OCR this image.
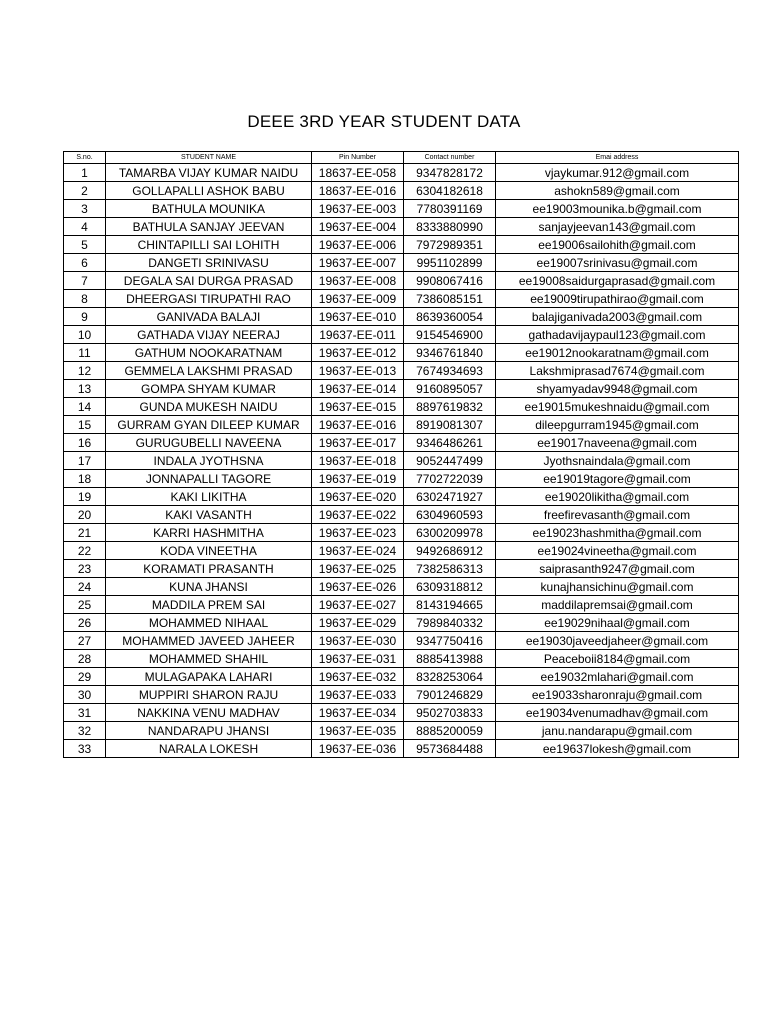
DEEE 3RD YEAR STUDENT DATA
S.no.	STUDENT NAME	Pin Number	Contact number	Emai address
1	TAMARBA VIJAY KUMAR NAIDU	18637-EE-058	9347828172	vjaykumar.912@gmail.com
2	GOLLAPALLI ASHOK BABU	18637-EE-016	6304182618	ashokn589@gmail.com
3	BATHULA MOUNIKA	19637-EE-003	7780391169	ee19003mounika.b@gmail.com
4	BATHULA SANJAY JEEVAN	19637-EE-004	8333880990	sanjayjeevan143@gmail.com
5	CHINTAPILLI SAI LOHITH	19637-EE-006	7972989351	ee19006sailohith@gmail.com
6	DANGETI SRINIVASU	19637-EE-007	9951102899	ee19007srinivasu@gmail.com
7	DEGALA SAI DURGA PRASAD	19637-EE-008	9908067416	ee19008saidurgaprasad@gmail.com
8	DHEERGASI TIRUPATHI RAO	19637-EE-009	7386085151	ee19009tirupathirao@gmail.com
9	GANIVADA BALAJI	19637-EE-010	8639360054	balajiganivada2003@gmail.com
10	GATHADA VIJAY NEERAJ	19637-EE-011	9154546900	gathadavijaypaul123@gmail.com
11	GATHUM NOOKARATNAM	19637-EE-012	9346761840	ee19012nookaratnam@gmail.com
12	GEMMELA LAKSHMI PRASAD	19637-EE-013	7674934693	Lakshmiprasad7674@gmail.com
13	GOMPA SHYAM KUMAR	19637-EE-014	9160895057	shyamyadav9948@gmail.com
14	GUNDA MUKESH NAIDU	19637-EE-015	8897619832	ee19015mukeshnaidu@gmail.com
15	GURRAM GYAN DILEEP KUMAR	19637-EE-016	8919081307	dileepgurram1945@gmail.com
16	GURUGUBELLI NAVEENA	19637-EE-017	9346486261	ee19017naveena@gmail.com
17	INDALA JYOTHSNA	19637-EE-018	9052447499	Jyothsnaindala@gmail.com
18	JONNAPALLI TAGORE	19637-EE-019	7702722039	ee19019tagore@gmail.com
19	KAKI LIKITHA	19637-EE-020	6302471927	ee19020likitha@gmail.com
20	KAKI VASANTH	19637-EE-022	6304960593	freefirevasanth@gmail.com
21	KARRI HASHMITHA	19637-EE-023	6300209978	ee19023hashmitha@gmail.com
22	KODA VINEETHA	19637-EE-024	9492686912	ee19024vineetha@gmail.com
23	KORAMATI PRASANTH	19637-EE-025	7382586313	saiprasanth9247@gmail.com
24	KUNA JHANSI	19637-EE-026	6309318812	kunajhansichinu@gmail.com
25	MADDILA PREM SAI	19637-EE-027	8143194665	maddilapremsai@gmail.com
26	MOHAMMED NIHAAL	19637-EE-029	7989840332	ee19029nihaal@gmail.com
27	MOHAMMED JAVEED JAHEER	19637-EE-030	9347750416	ee19030javeedjaheer@gmail.com
28	MOHAMMED SHAHIL	19637-EE-031	8885413988	Peaceboii8184@gmail.com
29	MULAGAPAKA LAHARI	19637-EE-032	8328253064	ee19032mlahari@gmail.com
30	MUPPIRI SHARON RAJU	19637-EE-033	7901246829	ee19033sharonraju@gmail.com
31	NAKKINA VENU MADHAV	19637-EE-034	9502703833	ee19034venumadhav@gmail.com
32	NANDARAPU JHANSI	19637-EE-035	8885200059	janu.nandarapu@gmail.com
33	NARALA LOKESH	19637-EE-036	9573684488	ee19637lokesh@gmail.com
